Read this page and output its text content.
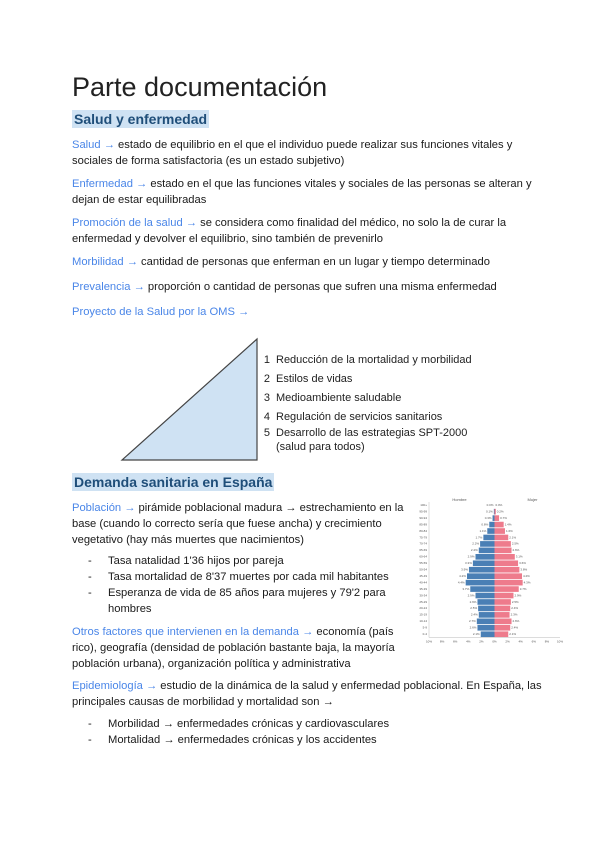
Parte documentación
Salud y enfermedad
Salud → estado de equilibrio en el que el individuo puede realizar sus funciones vitales y sociales de forma satisfactoria (es un estado subjetivo)
Enfermedad → estado en el que las funciones vitales y sociales de las personas se alteran y dejan de estar equilibradas
Promoción de la salud → se considera como finalidad del médico, no solo la de curar la enfermedad y devolver el equilibrio, sino también de prevenirlo
Morbilidad → cantidad de personas que enferman en un lugar y tiempo determinado
Prevalencia → proporción o cantidad de personas que sufren una misma enfermedad
Proyecto de la Salud por la OMS →
1 Reducción de la mortalidad y morbilidad
2 Estilos de vidas
3 Medioambiente saludable
4 Regulación de servicios sanitarios
5 Desarrollo de las estrategias SPT-2000
(salud para todos)
Demanda sanitaria en España
Población → pirámide poblacional madura → estrechamiento en la base (cuando lo correcto sería que fuese ancha) y crecimiento vegetativo (hay más muertes que nacimientos)
- Tasa natalidad 1'36 hijos por pareja
- Tasa mortalidad de 8'37 muertes por cada mil habitantes
- Esperanza de vida de 85 años para mujeres y 79'2 para hombres
Otros factores que intervienen en la demanda → economía (país rico), geografía (densidad de población bastante baja, la mayoría población urbana), organización política y administrativa
Epidemiología → estudio de la dinámica de la salud y enfermedad poblacional. En España, las principales causas de morbilidad y mortalidad son →
- Morbilidad → enfermedades crónicas y cardiovasculares
- Mortalidad → enfermedades crónicas y los accidentes
100+	0.0% 0.0%
95-99	0.1% 0.2%
90-94	0.3%	0.7%
85-89	0.8%	1.4%
80-84	1.1%	1.6%
75-79	1.7%	2.1%
70-74	2.2%	2.5%
65-69	2.4%	2.6%
60-64	2.9%	3.1%
55-59	3.3%	3.6%
50-54	3.9%	3.8%
45-49	4.2%	4.2%
40-44	4.4%	4.3%
35-39	3.7%	3.7%
30-34	2.9%	2.9%
25-29	2.6%	2.5%
20-24	2.5%	2.4%
15-19	2.4%	2.3%
10-14	2.7%	2.6%
5-9	2.6%	2.4%
0-4	2.1%	2.1%
10%	8%	6%	4%	2%	0%	2%	4%	6%	8%	10%
Hombre	Mujer
